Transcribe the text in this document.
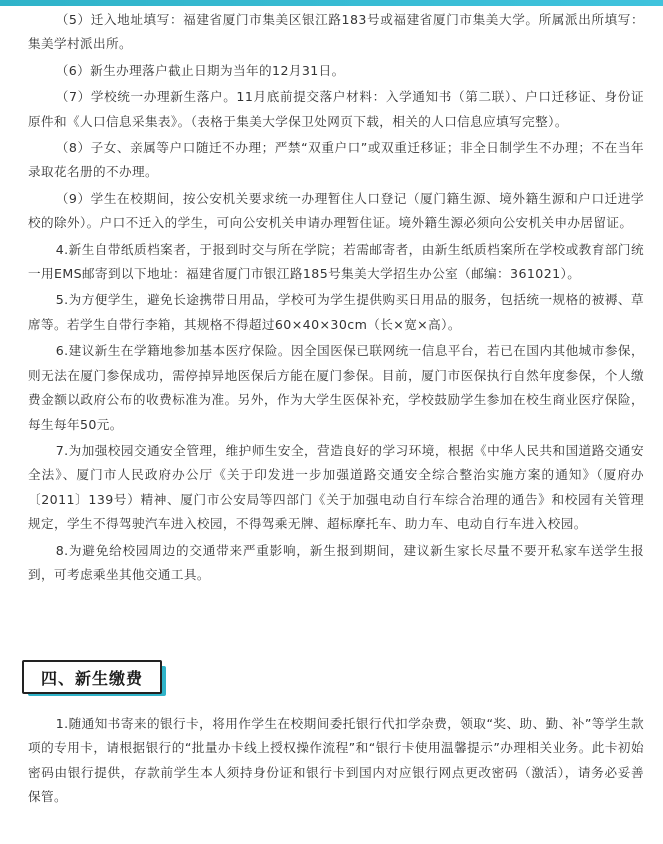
（5）迁入地址填写：福建省厦门市集美区银江路183号或福建省厦门市集美大学。所属派出所填写：集美学村派出所。

（6）新生办理落户截止日期为当年的12月31日。

（7）学校统一办理新生落户。11月底前提交落户材料：入学通知书（第二联）、户口迁移证、身份证原件和《人口信息采集表》。（表格于集美大学保卫处网页下载，相关的人口信息应填写完整）。

（8）子女、亲属等户口随迁不办理；严禁“双重户口”或双重迁移证；非全日制学生不办理；不在当年录取花名册的不办理。

（9）学生在校期间，按公安机关要求统一办理暂住人口登记（厦门籍生源、境外籍生源和户口迁进学校的除外）。户口不迁入的学生，可向公安机关申请办理暂住证。境外籍生源必须向公安机关申办居留证。

4.新生自带纸质档案者，于报到时交与所在学院；若需邮寄者，由新生纸质档案所在学校或教育部门统一用EMS邮寄到以下地址：福建省厦门市银江路185号集美大学招生办公室（邮编：361021）。

5.为方便学生，避免长途携带日用品，学校可为学生提供购买日用品的服务，包括统一规格的被褥、草席等。若学生自带行李箱，其规格不得超过60×40×30cm（长×宽×高）。

6.建议新生在学籍地参加基本医疗保险。因全国医保已联网统一信息平台，若已在国内其他城市参保，则无法在厦门参保成功，需停掉异地医保后方能在厦门参保。目前，厦门市医保执行自然年度参保，个人缴费金额以政府公布的收费标准为准。另外，作为大学生医保补充，学校鼓励学生参加在校生商业医疗保险，每生每年50元。

7.为加强校园交通安全管理，维护师生安全，营造良好的学习环境，根据《中华人民共和国道路交通安全法》、厦门市人民政府办公厅《关于印发进一步加强道路交通安全综合整治实施方案的通知》（厦府办〔2011〕139号）精神、厦门市公安局等四部门《关于加强电动自行车综合治理的通告》和校园有关管理规定，学生不得驾驶汽车进入校园，不得驾乘无牌、超标摩托车、助力车、电动自行车进入校园。

8.为避免给校园周边的交通带来严重影响，新生报到期间，建议新生家长尽量不要开私家车送学生报到，可考虑乘坐其他交通工具。

四、新生缴费

1.随通知书寄来的银行卡，将用作学生在校期间委托银行代扣学杂费，领取“奖、助、勤、补”等学生款项的专用卡，请根据银行的“批量办卡线上授权操作流程”和“银行卡使用温馨提示”办理相关业务。此卡初始密码由银行提供，存款前学生本人须持身份证和银行卡到国内对应银行网点更改密码（激活），请务必妥善保管。
